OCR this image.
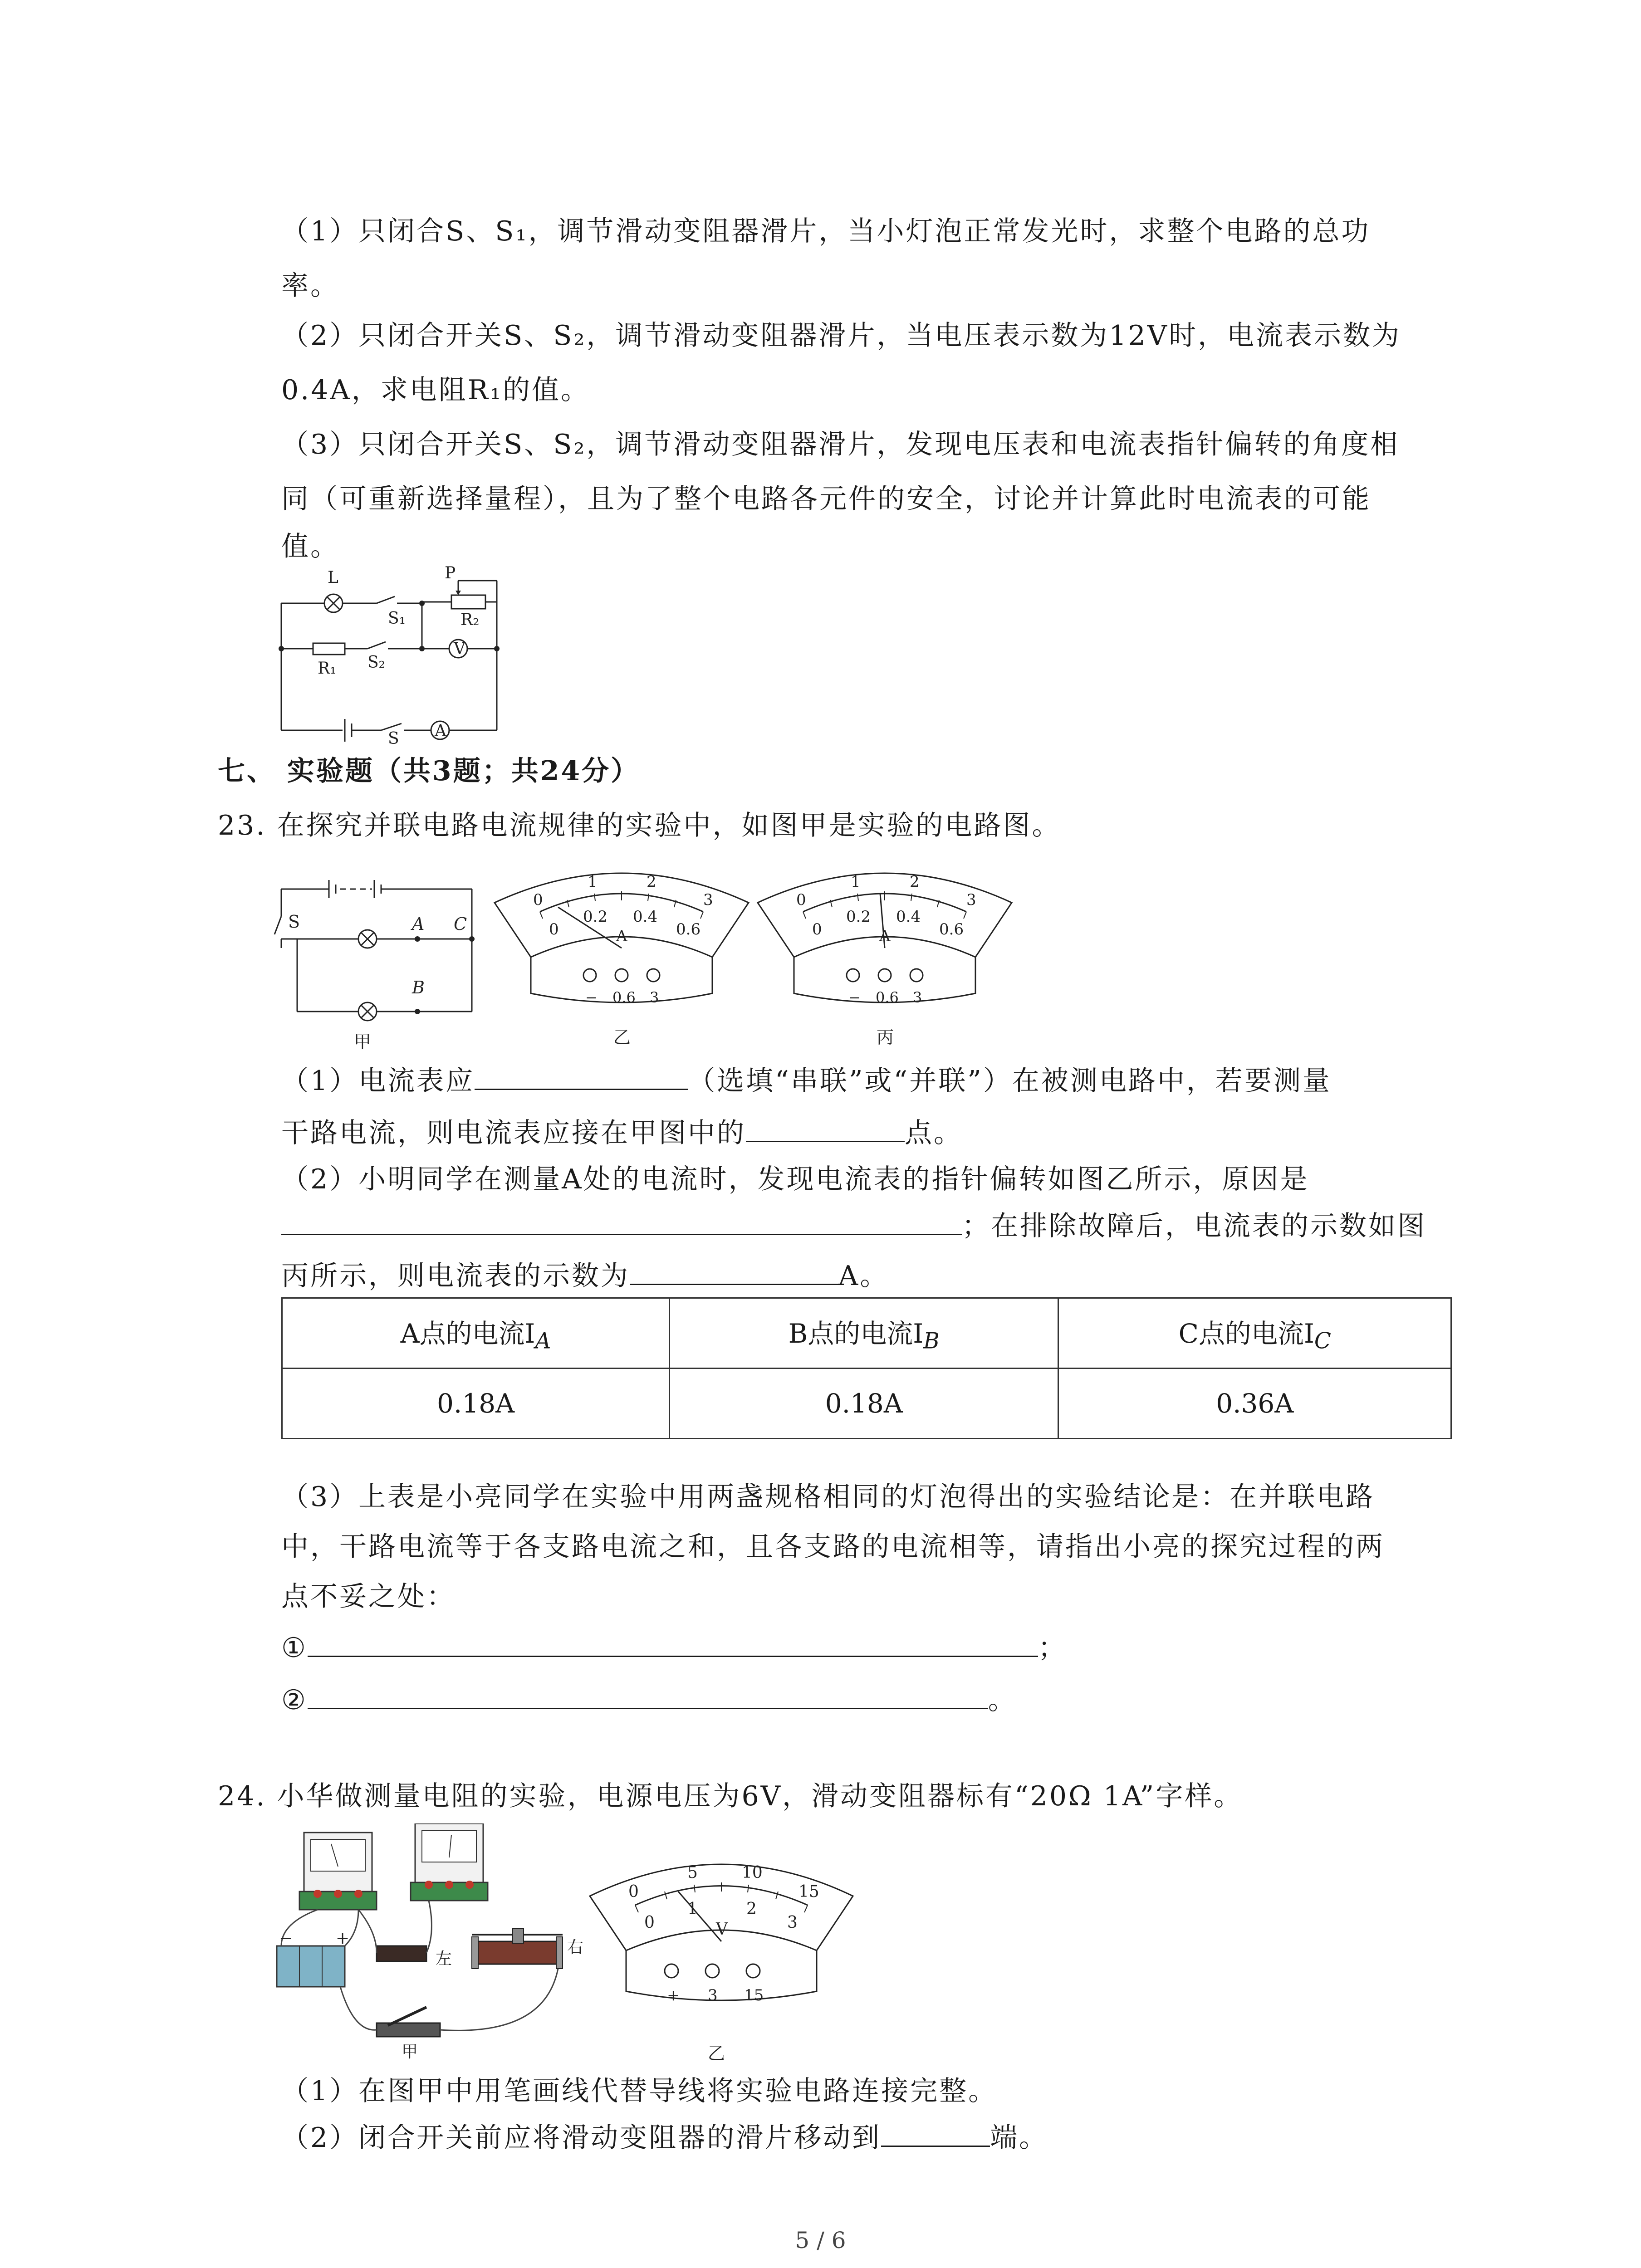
（1）只闭合S、S₁，调节滑动变阻器滑片，当小灯泡正常发光时，求整个电路的总功
率。
（2）只闭合开关S、S₂，调节滑动变阻器滑片，当电压表示数为12V时，电流表示数为
0.4A，求电阻R₁的值。
（3）只闭合开关S、S₂，调节滑动变阻器滑片，发现电压表和电流表指针偏转的角度相
同（可重新选择量程），且为了整个电路各元件的安全，讨论并计算此时电流表的可能
值。
L
S₁
P
R₂
V
R₁ S₂
S A
七、 实验题（共3题；共24分）
23. 在探究并联电路电流规律的实验中，如图甲是实验的电路图。
S	A C
B
甲
0
1	2
3
0
0.2 0.4
0.6
A
− 0.6 3
乙
0
1	2
3
0
0.2 0.4
0.6
A
− 0.6 3
丙
（1）电流表应	（选填“串联”或“并联”）在被测电路中，若要测量
干路电流，则电流表应接在甲图中的	点。
（2）小明同学在测量A处的电流时，发现电流表的指针偏转如图乙所示，原因是
；在排除故障后，电流表的示数如图
丙所示，则电流表的示数为	A。
A点的电流$I_A$	B点的电流$I_B$	C点的电流$I_C$
0.18A	0.18A	0.36A
（3）上表是小亮同学在实验中用两盏规格相同的灯泡得出的实验结论是：在并联电路
中，干路电流等于各支路电流之和，且各支路的电流相等，请指出小亮的探究过程的两
点不妥之处：
①	；
②	。
24. 小华做测量电阻的实验，电源电压为6V，滑动变阻器标有“20Ω 1A”字样。
−	+
左
右
甲
0
5	10
15
0
1	2
3
V
+ 3 15
乙
（1）在图甲中用笔画线代替导线将实验电路连接完整。
（2）闭合开关前应将滑动变阻器的滑片移动到	端。
5 / 6
